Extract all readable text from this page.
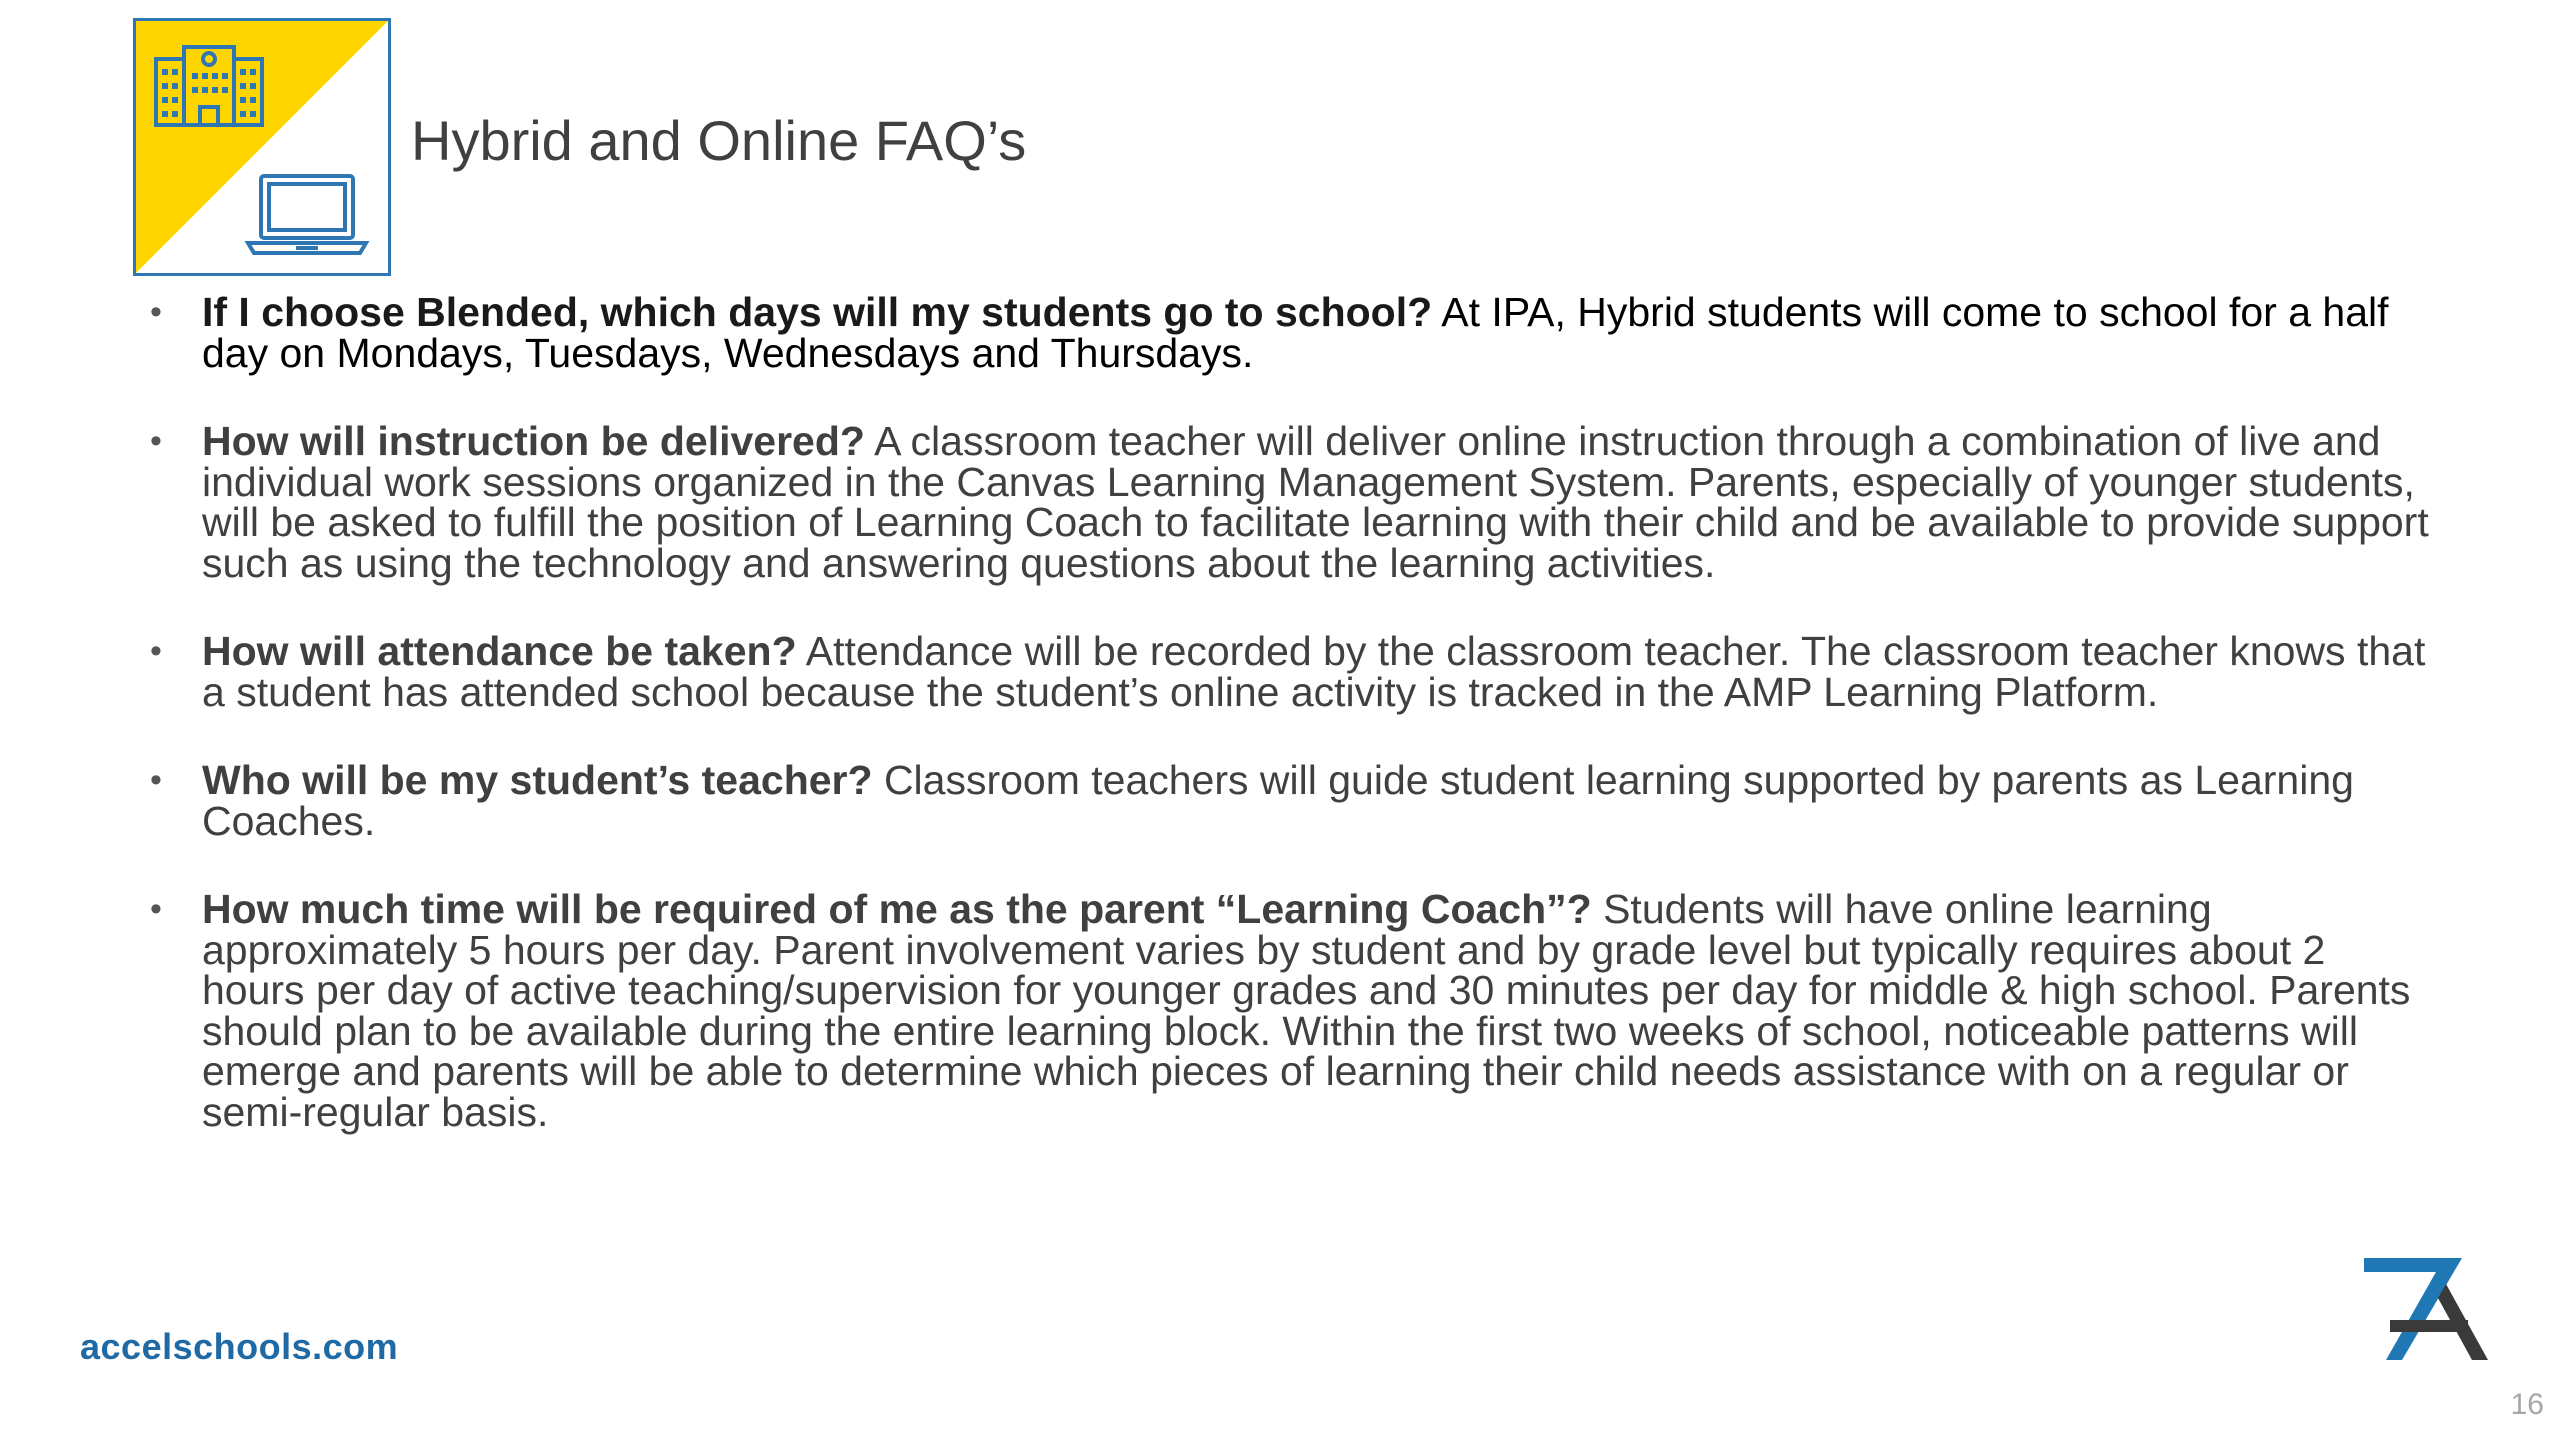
Hybrid and Online FAQ’s
• If I choose Blended, which days will my students go to school? At IPA, Hybrid students will come to school for a half day on Mondays, Tuesdays, Wednesdays and Thursdays.
• How will instruction be delivered? A classroom teacher will deliver online instruction through a combination of live and individual work sessions organized in the Canvas Learning Management System. Parents, especially of younger students, will be asked to fulfill the position of Learning Coach to facilitate learning with their child and be available to provide support such as using the technology and answering questions about the learning activities.
• How will attendance be taken? Attendance will be recorded by the classroom teacher. The classroom teacher knows that a student has attended school because the student’s online activity is tracked in the AMP Learning Platform.
• Who will be my student’s teacher? Classroom teachers will guide student learning supported by parents as Learning Coaches.
• How much time will be required of me as the parent “Learning Coach”? Students will have online learning approximately 5 hours per day. Parent involvement varies by student and by grade level but typically requires about 2 hours per day of active teaching/supervision for younger grades and 30 minutes per day for middle & high school. Parents should plan to be available during the entire learning block. Within the first two weeks of school, noticeable patterns will emerge and parents will be able to determine which pieces of learning their child needs assistance with on a regular or semi-regular basis.
accelschools.com
16
